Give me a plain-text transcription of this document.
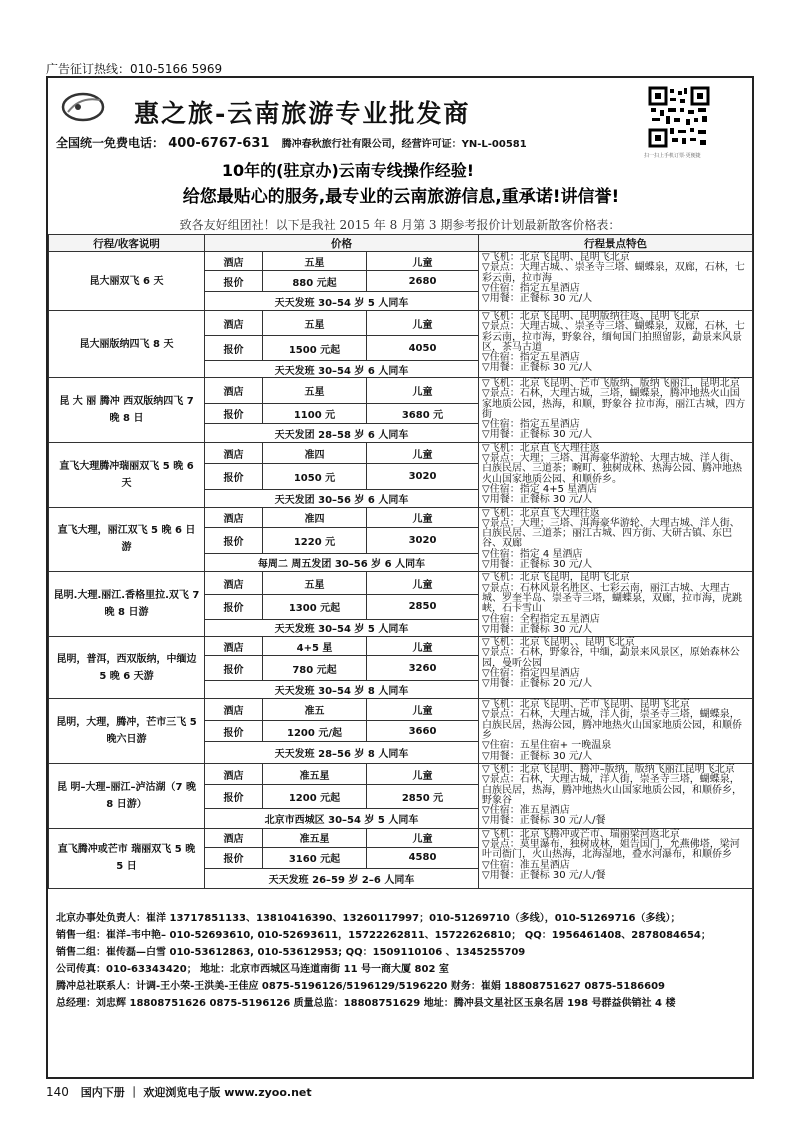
广告征订热线：010-5166 5969
惠之旅-云南旅游专业批发商
全国统一免费电话： 400-6767-631 腾冲春秋旅行社有限公司，经营许可证：YN-L-00581
10年的(驻京办)云南专线操作经验!
给您最贴心的服务,最专业的云南旅游信息,重承诺!讲信誉!
扫一扫上手机订票·更便捷
致各友好组团社！以下是我社 2015 年 8 月第 3 期参考报价计划最新散客价格表：
行程/收客说明	价格			行程景点特色
昆大丽双飞 6 天	酒店	五星	儿童	▽飞机：北京飞昆明、昆明飞北京
▽景点：大理古城、、崇圣寺三塔、蝴蝶泉，双廊，石林，七彩云南，拉市海
▽住宿：指定五星酒店
▽用餐：正餐标 30 元/人
	报价	880 元起	2680	
	天天发班 30–54 岁 5 人同车			
昆大丽版纳四飞 8 天	酒店	五星	儿童	▽飞机：北京飞昆明、昆明版纳往返、昆明飞北京
▽景点：大理古城、、崇圣寺三塔、蝴蝶泉，双廊，石林，七彩云南，拉市海，野象谷，缅甸国门拍照留影，勐景来风景区，茶马古道
▽住宿：指定五星酒店
▽用餐：正餐标 30 元/人
	报价	1500 元起	4050	
	天天发班 30–54 岁 6 人同车			
昆 大 丽 腾冲 西双版纳四飞 7 晚 8 日	酒店	五星	儿童	▽飞机：北京飞昆明、芒市飞版纳、版纳飞丽江，昆明北京
▽景点：石林，大理古城，三塔，蝴蝶泉，腾冲地热火山国家地质公园，热海，和顺，野象谷 拉市海，丽江古城，四方街
▽住宿：指定五星酒店
▽用餐：正餐标 30 元/人
	报价	1100 元	3680 元	
	天天发团 28–58 岁 6 人同车			
直飞大理腾冲瑞丽双飞 5 晚 6 天	酒店	准四	儿童	▽飞机：北京直飞大理往返
▽景点：大理；三塔、洱海豪华游轮、大理古城、洋人街、白族民居、三道茶；畹町、独树成林、热海公园、腾冲地热火山国家地质公园、和顺侨乡。
▽住宿：指定 4+5 星酒店
▽用餐：正餐标 30 元/人
	报价	1050 元	3020	
	天天发团 30–56 岁 6 人同车			
直飞大理，丽江双飞 5 晚 6 日游	酒店	准四	儿童	▽飞机：北京直飞大理往返
▽景点：大理；三塔、洱海豪华游轮、大理古城、洋人街、白族民居、三道茶；丽江古城、四方街、大研古镇、东巴谷、双廊
▽住宿：指定 4 星酒店
▽用餐：正餐标 30 元/人
	报价	1220 元	3020	
	每周二 周五发团 30–56 岁 6 人同车			
昆明.大理.丽江.香格里拉.双飞 7 晚 8 日游	酒店	五星	儿童	▽飞机：北京飞昆明，昆明飞北京
▽景点：石林风景名胜区、七彩云南，丽江古城、大理古城、罗奎半岛、崇圣寺三塔，蝴蝶泉，双廊，拉市海，虎跳峡，石卡雪山
▽住宿：全程指定五星酒店
▽用餐：正餐标 30 元/人
	报价	1300 元起	2850	
	天天发班 30–54 岁 5 人同车			
昆明，普洱，西双版纳，中缅边 5 晚 6 天游	酒店	4+5 星	儿童	▽飞机：北京飞昆明、、昆明飞北京
▽景点：石林，野象谷，中缅，勐景来风景区，原始森林公园，曼听公园
▽住宿：指定四星酒店
▽用餐：正餐标 20 元/人
	报价	780 元起	3260	
	天天发班 30–54 岁 8 人同车			
昆明，大理，腾冲，芒市三飞 5 晚六日游	酒店	准五	儿童	▽飞机：北京飞昆明、芒市飞昆明、昆明飞北京
▽景点：石林，大理古城，洋人街，崇圣寺三塔，蝴蝶泉，白族民居，热海公园，腾冲地热火山国家地质公园，和顺侨乡
▽住宿：五星住宿+ 一晚温泉
▽用餐：正餐标 30 元/人
	报价	1200 元/起	3660	
	天天发班 28–56 岁 8 人同车			
昆 明–大理–丽江–泸沽湖（7 晚 8 日游）	酒店	准五星	儿童	▽飞机：北京飞昆明、腾冲–版纳，版纳飞丽江昆明飞北京
▽景点：石林，大理古城，洋人街，崇圣寺三塔，蝴蝶泉，白族民居，热海，腾冲地热火山国家地质公园，和顺侨乡，野象谷
▽住宿：准五星酒店
▽用餐：正餐标 30 元/人/餐
	报价	1200 元起	2850 元	
	北京市西城区 30–54 岁 5 人同车			
直飞腾冲或芒市 瑞丽双飞 5 晚 5 日	酒店	准五星	儿童	▽飞机：北京飞腾冲或芒市、瑞丽梁河返北京
▽景点：莫里瀑布，独树成林，姐告国门，允燕佛塔，梁河叶司衙门，火山热海，北海湿地，叠水河瀑布，和顺侨乡
▽住宿：准五星酒店
▽用餐：正餐标 30 元/人/餐
	报价	3160 元起	4580	
	天天发班 26–59 岁 2–6 人同车			
北京办事处负责人：崔洋 13717851133、13810416390、13260117997；010-51269710（多线），010-51269716（多线）；
销售一组：崔洋–韦中艳– 010-52693610, 010-52693611，15722262811、15722626810； QQ：1956461408、2878084654；
销售二组：崔传磊—白雪 010-53612863, 010-53612953; QQ：1509110106 、1345255709
公司传真：010-63343420； 地址：北京市西城区马连道南街 11 号一商大厦 802 室
腾冲总社联系人：计调-王小荣-王洪美-王佳应 0875-5196126/5196129/5196220 财务：崔娟 18808751627 0875-5186609
总经理：刘忠辉 18808751626 0875-5196126 质量总监：18808751629 地址：腾冲县文星社区玉泉名居 198 号群益供销社 4 楼
140 国内下册 ｜ 欢迎浏览电子版 www.zyoo.net
